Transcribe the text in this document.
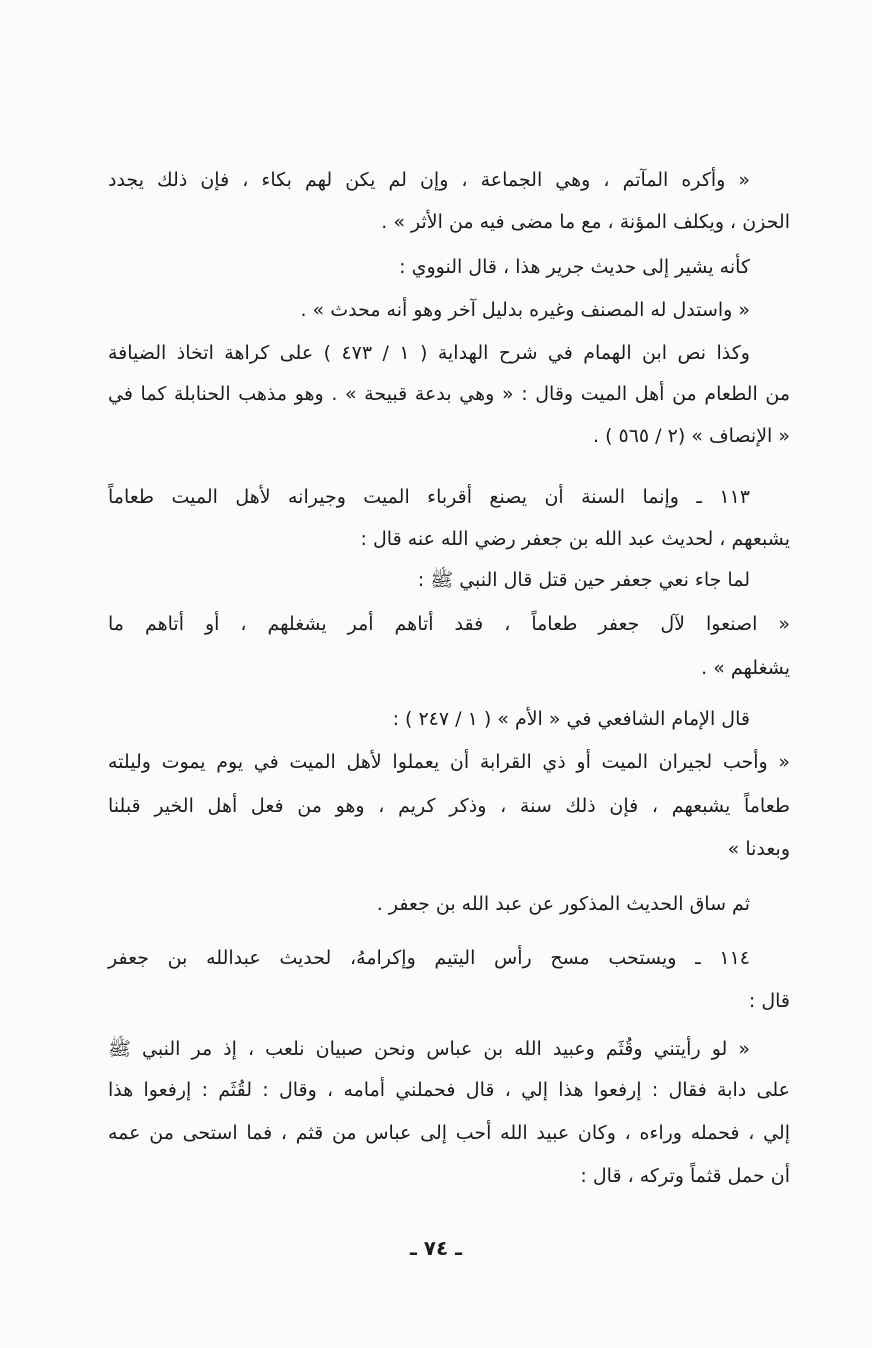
« وأكره المآتم ، وهي الجماعة ، وإن لم يكن لهم بكاء ، فإن ذلك يجدد
الحزن ، ويكلف المؤنة ، مع ما مضى فيه من الأثر » .
كأنه يشير إلى حديث جرير هذا ، قال النووي :
« واستدل له المصنف وغيره بدليل آخر وهو أنه محدث » .
وكذا نص ابن الهمام في شرح الهداية ( ١ / ٤٧٣ ) على كراهة اتخاذ الضيافة
من الطعام من أهل الميت وقال : « وهي بدعة قبيحة » . وهو مذهب الحنابلة كما في
« الإنصاف » (٢ / ٥٦٥ ) .
١١٣ ـ وإنما السنة أن يصنع أقرباء الميت وجيرانه لأهل الميت طعاماً
يشبعهم ، لحديث عبد الله بن جعفر رضي الله عنه قال :
لما جاء نعي جعفر حين قتل قال النبي ﷺ :
« اصنعوا لآل جعفر طعاماً ، فقد أتاهم أمر يشغلهم ، أو أتاهم ما
يشغلهم » .
قال الإمام الشافعي في « الأم » ( ١ / ٢٤٧ ) :
« وأحب لجيران الميت أو ذي القرابة أن يعملوا لأهل الميت في يوم يموت وليلته
طعاماً يشبعهم ، فإن ذلك سنة ، وذكر كريم ، وهو من فعل أهل الخير قبلنا
وبعدنا »
ثم ساق الحديث المذكور عن عبد الله بن جعفر .
١١٤ ـ ويستحب مسح رأس اليتيم وإكرامهُ، لحديث عبدالله بن جعفر
قال :
« لو رأيتني وقُثَم وعبيد الله بن عباس ونحن صبيان نلعب ، إذ مر النبي ﷺ
على دابة فقال : إرفعوا هذا إلي ، قال فحملني أمامه ، وقال : لقُثَم : إرفعوا هذا
إلي ، فحمله وراءه ، وكان عبيد الله أحب إلى عباس من قثم ، فما استحى من عمه
أن حمل قثماً وتركه ، قال :
ـ ٧٤ ـ
